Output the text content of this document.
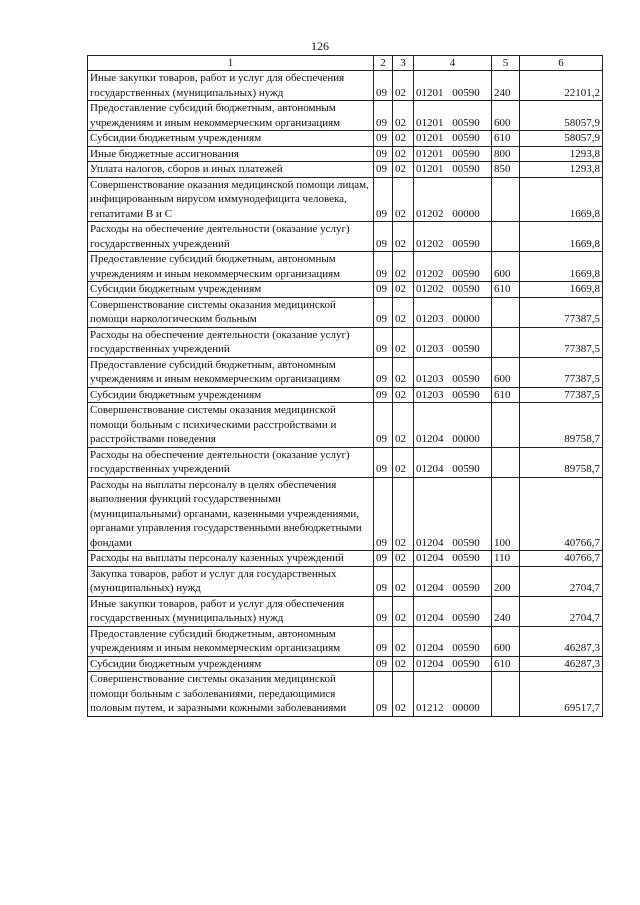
126
1	2	3	4	5	6
Иные закупки товаров, работ и услуг для обеспечения государственных (муниципальных) нужд	09	02	01201 00590	240	22101,2
Предоставление субсидий бюджетным, автономным учреждениям и иным некоммерческим организациям	09	02	01201 00590	600	58057,9
Субсидии бюджетным учреждениям	09	02	01201 00590	610	58057,9
Иные бюджетные ассигнования	09	02	01201 00590	800	1293,8
Уплата налогов, сборов и иных платежей	09	02	01201 00590	850	1293,8
Совершенствование оказания медицинской помощи лицам, инфицированным вирусом иммунодефицита человека, гепатитами В и С	09	02	01202 00000		1669,8
Расходы на обеспечение деятельности (оказание услуг) государственных учреждений	09	02	01202 00590		1669,8
Предоставление субсидий бюджетным, автономным учреждениям и иным некоммерческим организациям	09	02	01202 00590	600	1669,8
Субсидии бюджетным учреждениям	09	02	01202 00590	610	1669,8
Совершенствование системы оказания медицинской помощи наркологическим больным	09	02	01203 00000		77387,5
Расходы на обеспечение деятельности (оказание услуг) государственных учреждений	09	02	01203 00590		77387,5
Предоставление субсидий бюджетным, автономным учреждениям и иным некоммерческим организациям	09	02	01203 00590	600	77387,5
Субсидии бюджетным учреждениям	09	02	01203 00590	610	77387,5
Совершенствование системы оказания медицинской помощи больным с психическими расстройствами и расстройствами поведения	09	02	01204 00000		89758,7
Расходы на обеспечение деятельности (оказание услуг) государственных учреждений	09	02	01204 00590		89758,7
Расходы на выплаты персоналу в целях обеспечения выполнения функций государственными (муниципальными) органами, казенными учреждениями, органами управления государственными внебюджетными фондами	09	02	01204 00590	100	40766,7
Расходы на выплаты персоналу казенных учреждений	09	02	01204 00590	110	40766,7
Закупка товаров, работ и услуг для государственных (муниципальных) нужд	09	02	01204 00590	200	2704,7
Иные закупки товаров, работ и услуг для обеспечения государственных (муниципальных) нужд	09	02	01204 00590	240	2704,7
Предоставление субсидий бюджетным, автономным учреждениям и иным некоммерческим организациям	09	02	01204 00590	600	46287,3
Субсидии бюджетным учреждениям	09	02	01204 00590	610	46287,3
Совершенствование системы оказания медицинской помощи больным с заболеваниями, передающимися половым путем, и заразными кожными заболеваниями	09	02	01212 00000		69517,7
